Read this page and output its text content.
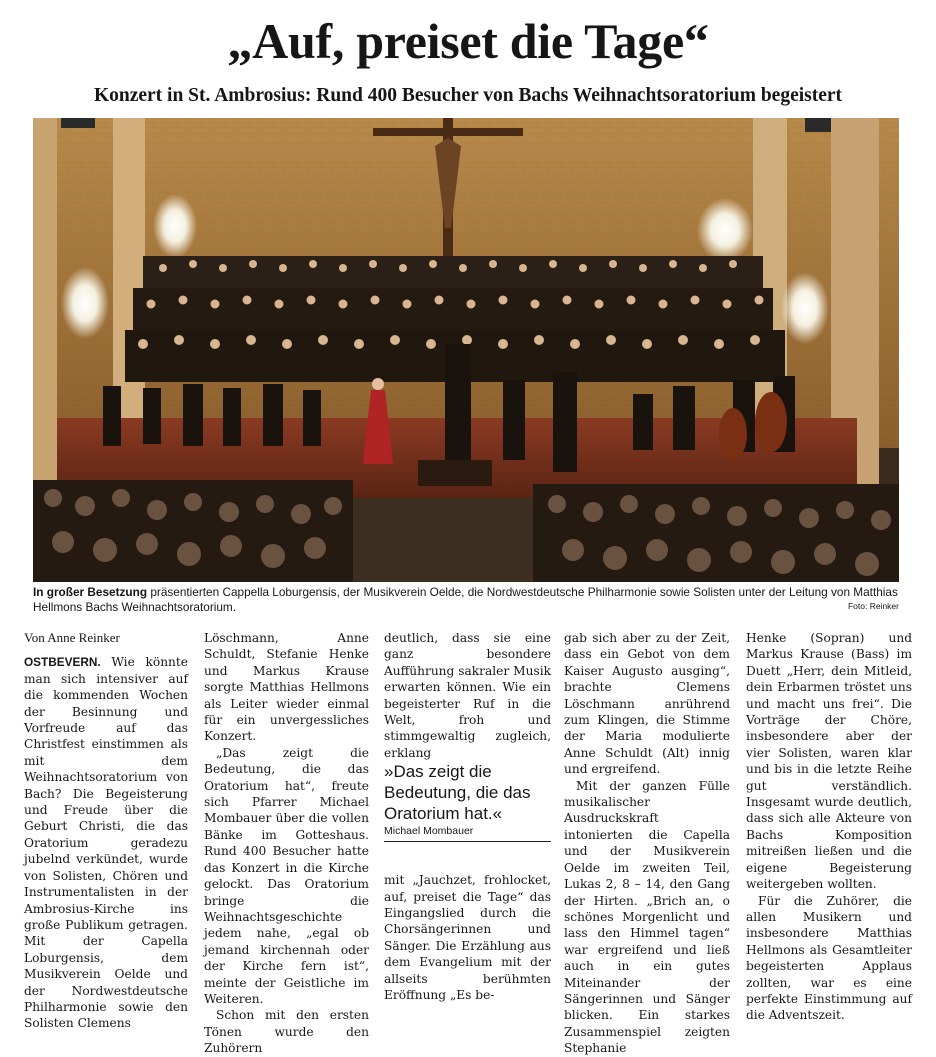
„Auf, preiset die Tage“
Konzert in St. Ambrosius: Rund 400 Besucher von Bachs Weihnachtsoratorium begeistert
In großer Besetzung präsentierten Cappella Loburgensis, der Musikverein Oelde, die Nordwestdeutsche Philharmonie sowie Solisten unter der Leitung von Matthias Hellmons Bachs Weihnachtsoratorium.	Foto: Reinker

Von Anne Reinker

OSTBEVERN. Wie könnte man sich intensiver auf die kommenden Wochen der Besinnung und Vorfreude auf das Christfest einstimmen als mit dem Weihnachtsoratorium von Bach? Die Begeisterung und Freude über die Geburt Christi, die das Oratorium geradezu jubelnd verkündet, wurde von Solisten, Chören und Instrumentalisten in der Ambrosius-Kirche ins große Publikum getragen. Mit der Capella Loburgensis, dem Musikverein Oelde und der Nordwestdeutsche Philharmonie sowie den Solisten Clemens

Löschmann, Anne Schuldt, Stefanie Henke und Markus Krause sorgte Matthias Hellmons als Leiter wieder einmal für ein unvergessliches Konzert.

„Das zeigt die Bedeutung, die das Oratorium hat“, freute sich Pfarrer Michael Mombauer über die vollen Bänke im Gotteshaus. Rund 400 Besucher hatte das Konzert in die Kirche gelockt. Das Oratorium bringe die Weihnachtsgeschichte jedem nahe, „egal ob jemand kirchennah oder der Kirche fern ist“, meinte der Geistliche im Weiteren.

Schon mit den ersten Tönen wurde den Zuhörern

deutlich, dass sie eine ganz besondere Aufführung sakraler Musik erwarten können. Wie ein begeisterter Ruf in die Welt, froh und stimmgewaltig zugleich, erklang

»Das zeigt die Bedeutung, die das Oratorium hat.«

Michael Mombauer

mit „Jauchzet, frohlocket, auf, preiset die Tage“ das Eingangslied durch die Chorsängerinnen und Sänger. Die Erzählung aus dem Evangelium mit der allseits berühmten Eröffnung „Es be-

gab sich aber zu der Zeit, dass ein Gebot von dem Kaiser Augusto ausging“, brachte Clemens Löschmann anrührend zum Klingen, die Stimme der Maria modulierte Anne Schuldt (Alt) innig und ergreifend.

Mit der ganzen Fülle musikalischer Ausdruckskraft intonierten die Capella und der Musikverein Oelde im zweiten Teil, Lukas 2, 8 – 14, den Gang der Hirten. „Brich an, o schönes Morgenlicht und lass den Himmel tagen“ war ergreifend und ließ auch in ein gutes Miteinander der Sängerinnen und Sänger blicken. Ein starkes Zusammenspiel zeigten Stephanie

Henke (Sopran) und Markus Krause (Bass) im Duett „Herr, dein Mitleid, dein Erbarmen tröstet uns und macht uns frei“. Die Vorträge der Chöre, insbesondere aber der vier Solisten, waren klar und bis in die letzte Reihe gut verständlich. Insgesamt wurde deutlich, dass sich alle Akteure von Bachs Komposition mitreißen ließen und die eigene Begeisterung weitergeben wollten.

Für die Zuhörer, die allen Musikern und insbesondere Matthias Hellmons als Gesamtleiter begeisterten Applaus zollten, war es eine perfekte Einstimmung auf die Adventszeit.
